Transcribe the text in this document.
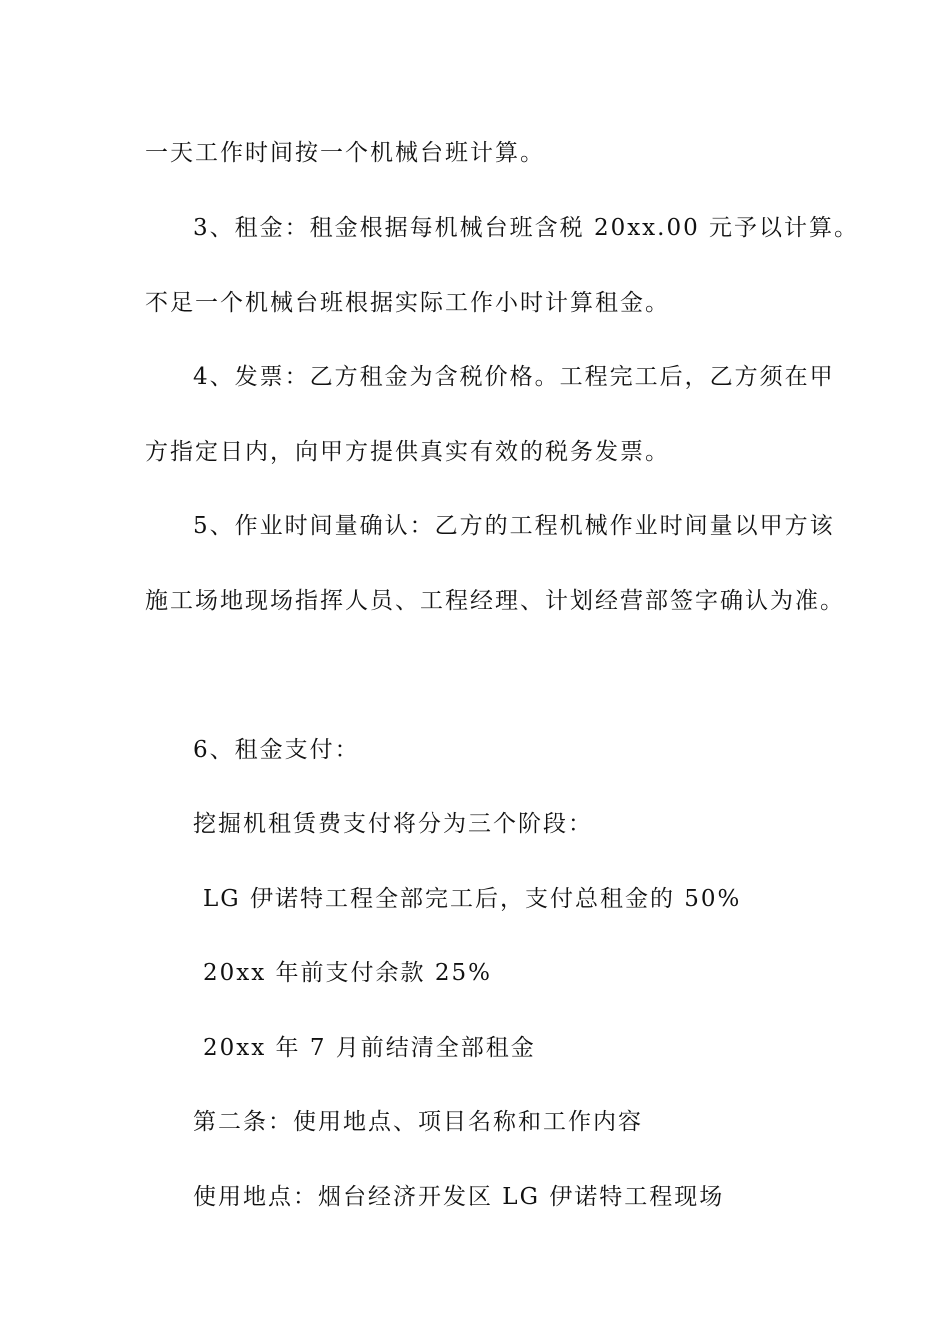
一天工作时间按一个机械台班计算。
3、租金：租金根据每机械台班含税 20xx.00 元予以计算。
不足一个机械台班根据实际工作小时计算租金。
4、发票：乙方租金为含税价格。工程完工后，乙方须在甲
方指定日内，向甲方提供真实有效的税务发票。
5、作业时间量确认：乙方的工程机械作业时间量以甲方该
施工场地现场指挥人员、工程经理、计划经营部签字确认为准。
6、租金支付：
挖掘机租赁费支付将分为三个阶段：
LG 伊诺特工程全部完工后，支付总租金的 50%
20xx 年前支付余款 25%
20xx 年 7 月前结清全部租金
第二条：使用地点、项目名称和工作内容
使用地点：烟台经济开发区 LG 伊诺特工程现场
